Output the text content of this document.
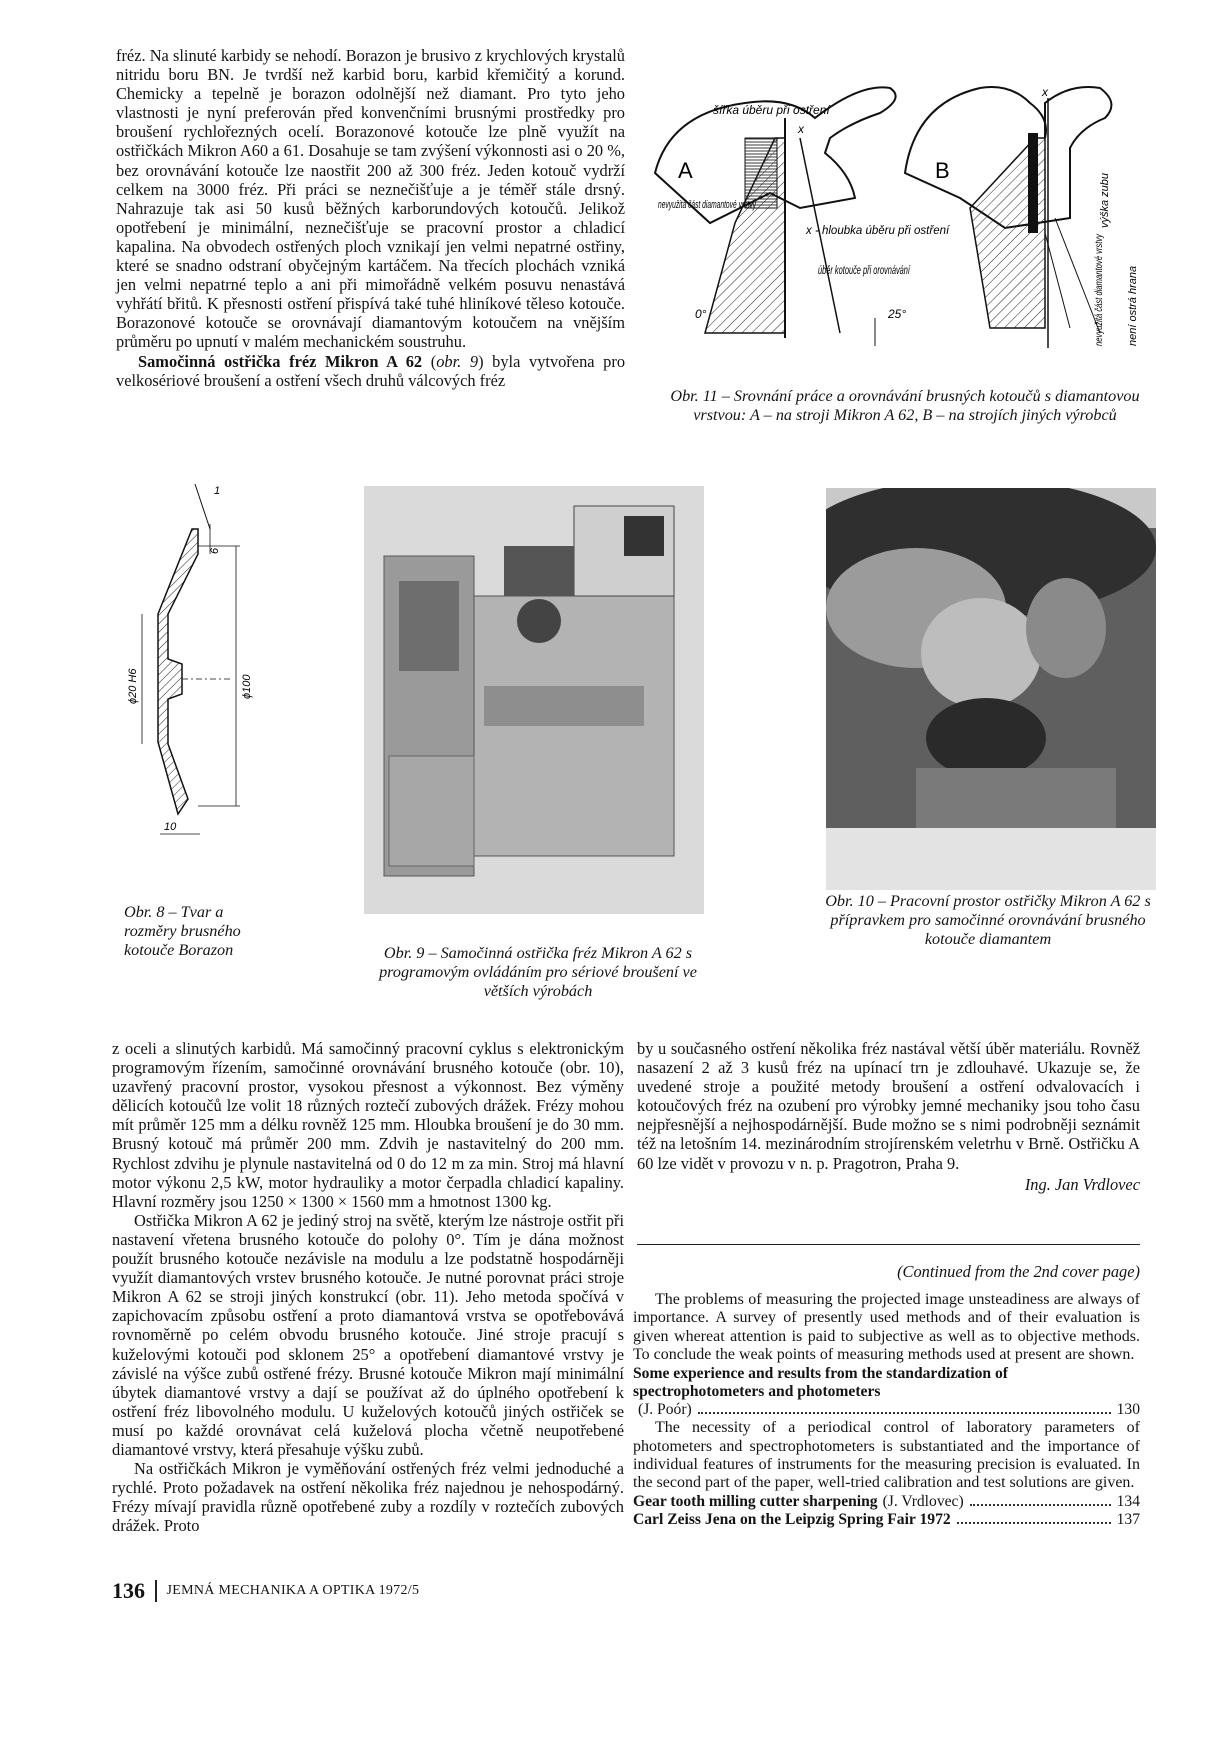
fréz. Na slinuté karbidy se nehodí. Borazon je brusivo z krychlových krystalů nitridu boru BN. Je tvrdší než karbid boru, karbid křemičitý a korund. Chemicky a tepelně je borazon odolnější než diamant. Pro tyto jeho vlastnosti je nyní preferován před konvenčními brusnými prostředky pro broušení rychlořezných ocelí. Borazonové kotouče lze plně využít na ostřičkách Mikron A60 a 61. Dosahuje se tam zvýšení výkonnosti asi o 20 %, bez orovnávání kotouče lze naostřit 200 až 300 fréz. Jeden kotouč vydrží celkem na 3000 fréz. Při práci se neznečišťuje a je téměř stále drsný. Nahrazuje tak asi 50 kusů běžných karborundových kotoučů. Jelikož opotřebení je minimální, neznečišťuje se pracovní prostor a chladicí kapalina. Na obvodech ostřených ploch vznikají jen velmi nepatrné ostřiny, které se snadno odstraní obyčejným kartáčem. Na třecích plochách vzniká jen velmi nepatrné teplo a ani při mimořádně velkém posuvu nenastává vyhřátí břitů. K přesnosti ostření přispívá také tuhé hliníkové těleso kotouče. Borazonové kotouče se orovnávají diamantovým kotoučem na vnějším průměru po upnutí v malém mechanickém soustruhu.

Samočinná ostřička fréz Mikron A 62 (obr. 9) byla vytvořena pro velkosériové broušení a ostření všech druhů válcových fréz

A	B
šířka úběru při ostření
x
x
nevyužitá část diamantové vrstvy
x - hloubka úběru při ostření
úběr kotouče při orovnávání
0°	25°
výška zubu
nevyužitá část diamantové vrstvy není ostrá hrana

Obr. 11 – Srovnání práce a orovnávání brusných kotoučů s diamantovou vrstvou: A – na stroji Mikron A 62, B – na strojích jiných výrobců

1
6
ϕ20 H6	ϕ100
10

Obr. 8 – Tvar a rozměry brusného kotouče Borazon	Obr. 9 – Samočinná ostřička fréz Mikron A 62 s programovým ovládáním pro sériové broušení ve větších výrobách

Obr. 10 – Pracovní prostor ostřičky Mikron A 62 s přípravkem pro samočinné orovnávání brusného kotouče diamantem

z oceli a slinutých karbidů. Má samočinný pracovní cyklus s elektronickým programovým řízením, samočinné orovnávání brusného kotouče (obr. 10), uzavřený pracovní prostor, vysokou přesnost a výkonnost. Bez výměny dělicích kotoučů lze volit 18 různých roztečí zubových drážek. Frézy mohou mít průměr 125 mm a délku rovněž 125 mm. Hloubka broušení je do 30 mm. Brusný kotouč má průměr 200 mm. Zdvih je nastavitelný do 200 mm. Rychlost zdvihu je plynule nastavitelná od 0 do 12 m za min. Stroj má hlavní motor výkonu 2,5 kW, motor hydrauliky a motor čerpadla chladicí kapaliny. Hlavní rozměry jsou 1250 × 1300 × 1560 mm a hmotnost 1300 kg.

Ostřička Mikron A 62 je jediný stroj na světě, kterým lze nástroje ostřit při nastavení vřetena brusného kotouče do polohy 0°. Tím je dána možnost použít brusného kotouče nezávisle na modulu a lze podstatně hospodárněji využít diamantových vrstev brusného kotouče. Je nutné porovnat práci stroje Mikron A 62 se stroji jiných konstrukcí (obr. 11). Jeho metoda spočívá v zapichovacím způsobu ostření a proto diamantová vrstva se opotřebovává rovnoměrně po celém obvodu brusného kotouče. Jiné stroje pracují s kuželovými kotouči pod sklonem 25° a opotřebení diamantové vrstvy je závislé na výšce zubů ostřené frézy. Brusné kotouče Mikron mají minimální úbytek diamantové vrstvy a dají se používat až do úplného opotřebení k ostření fréz libovolného modulu. U kuželových kotoučů jiných ostřiček se musí po každé orovnávat celá kuželová plocha včetně neupotřebené diamantové vrstvy, která přesahuje výšku zubů.

Na ostřičkách Mikron je vyměňování ostřených fréz velmi jednoduché a rychlé. Proto požadavek na ostření několika fréz najednou je nehospodárný. Frézy mívají pravidla různě opotřebené zuby a rozdíly v roztečích zubových drážek. Proto

by u současného ostření několika fréz nastával větší úběr materiálu. Rovněž nasazení 2 až 3 kusů fréz na upínací trn je zdlouhavé. Ukazuje se, že uvedené stroje a použité metody broušení a ostření odvalovacích i kotoučových fréz na ozubení pro výrobky jemné mechaniky jsou toho času nejpřesnější a nejhospodárnější. Bude možno se s nimi podrobněji seznámit též na letošním 14. mezinárodním strojírenském veletrhu v Brně. Ostřičku A 60 lze vidět v provozu v n. p. Pragotron, Praha 9.

Ing. Jan Vrdlovec

(Continued from the 2nd cover page)

The problems of measuring the projected image unsteadiness are always of importance. A survey of presently used methods and of their evaluation is given whereat attention is paid to subjective as well as to objective methods. To conclude the weak points of measuring methods used at present are shown.

Some experience and results from the standardization of spectrophotometers and photometers
(J. Poór)	130

The necessity of a periodical control of laboratory parameters of photometers and spectrophotometers is substantiated and the importance of individual features of instruments for the measuring precision is evaluated. In the second part of the paper, well-tried calibration and test solutions are given.

Gear tooth milling cutter sharpening (J. Vrdlovec)	134
Carl Zeiss Jena on the Leipzig Spring Fair 1972	137
136 JEMNÁ MECHANIKA A OPTIKA 1972/5
